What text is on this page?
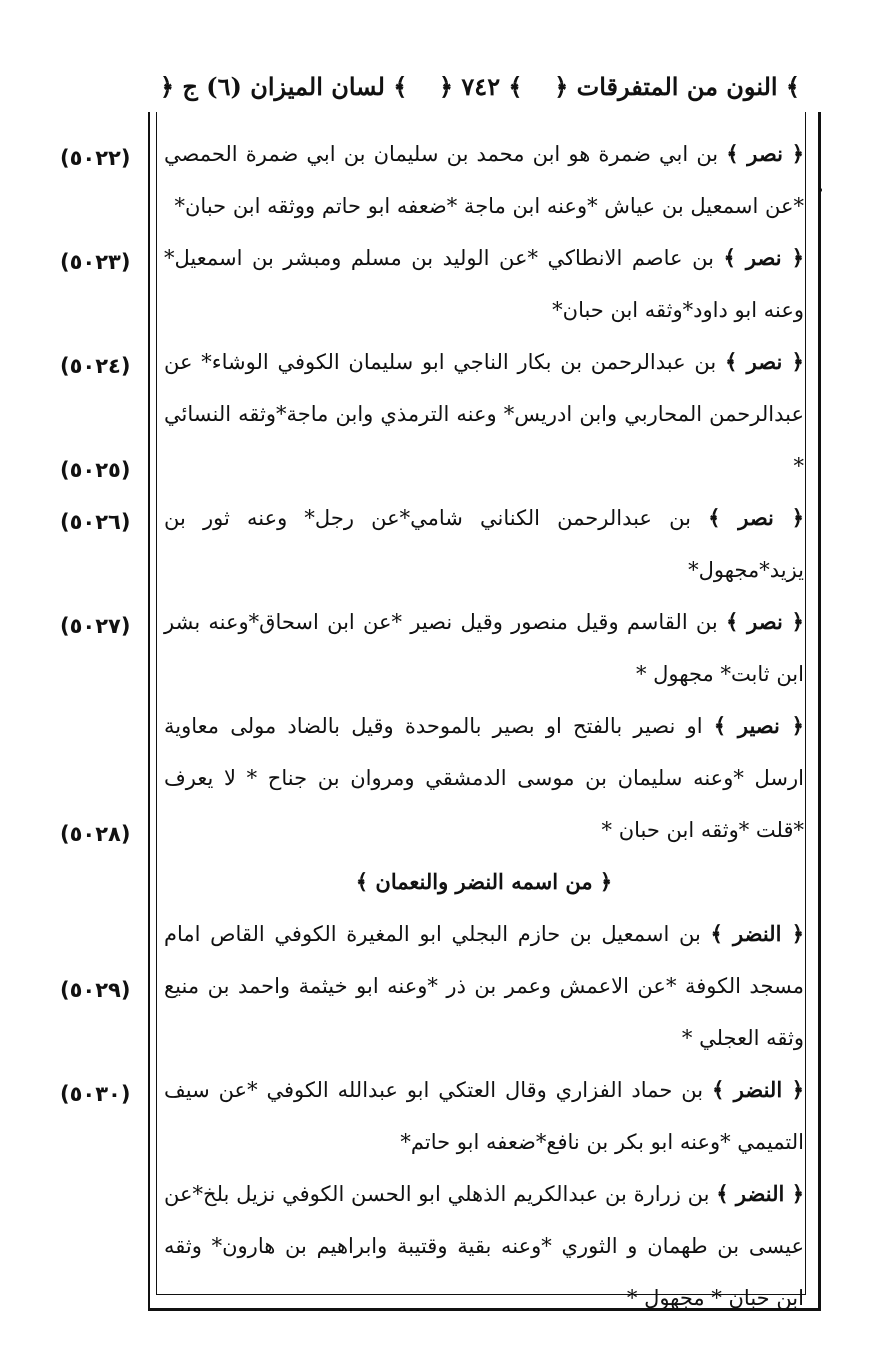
﴿ النون من المتفرقات ﴾
﴿ ٧٤٢ ﴾
﴿ لسان الميزان (٦) ج ﴾

﴿ نصر ﴾ بن ابي ضمرة هو ابن محمد بن سليمان بن ابي ضمرة الحمصي *عن اسمعيل بن عياش *وعنه ابن ماجة *ضعفه ابو حاتم ووثقه ابن حبان*

﴿ نصر ﴾ بن عاصم الانطاكي *عن الوليد بن مسلم ومبشر بن اسمعيل* وعنه ابو داود*وثقه ابن حبان*

﴿ نصر ﴾ بن عبدالرحمن بن بكار الناجي ابو سليمان الكوفي الوشاء* عن عبدالرحمن المحاربي وابن ادريس* وعنه الترمذي وابن ماجة*وثقه النسائي *

﴿ نصر ﴾ بن عبدالرحمن الكناني شامي*عن رجل* وعنه ثور بن يزيد*مجهول*

﴿ نصر ﴾ بن القاسم وقيل منصور وقيل نصير *عن ابن اسحاق*وعنه بشر ابن ثابت* مجهول *

﴿ نصير ﴾ او نصير بالفتح او بصير بالموحدة وقيل بالضاد مولى معاوية ارسل *وعنه سليمان بن موسى الدمشقي ومروان بن جناح * لا يعرف *قلت *وثقه ابن حبان *

﴿ من اسمه النضر والنعمان ﴾

﴿ النضر ﴾ بن اسمعيل بن حازم البجلي ابو المغيرة الكوفي القاص امام مسجد الكوفة *عن الاعمش وعمر بن ذر *وعنه ابو خيثمة واحمد بن منيع وثقه العجلي *

﴿ النضر ﴾ بن حماد الفزاري وقال العتكي ابو عبدالله الكوفي *عن سيف التميمي *وعنه ابو بكر بن نافع*ضعفه ابو حاتم*

﴿ النضر ﴾ بن زرارة بن عبدالكريم الذهلي ابو الحسن الكوفي نزيل بلخ*عن عيسى بن طهمان و الثوري *وعنه بقية وقتيبة وابراهيم بن هارون* وثقه ابن حبان * مجهول *

(٥٠٢٢)
(٥٠٢٣)
(٥٠٢٤)
(٥٠٢٥)
(٥٠٢٦)
(٥٠٢٧)
(٥٠٢٨)
(٥٠٢٩)
(٥٠٣٠)
